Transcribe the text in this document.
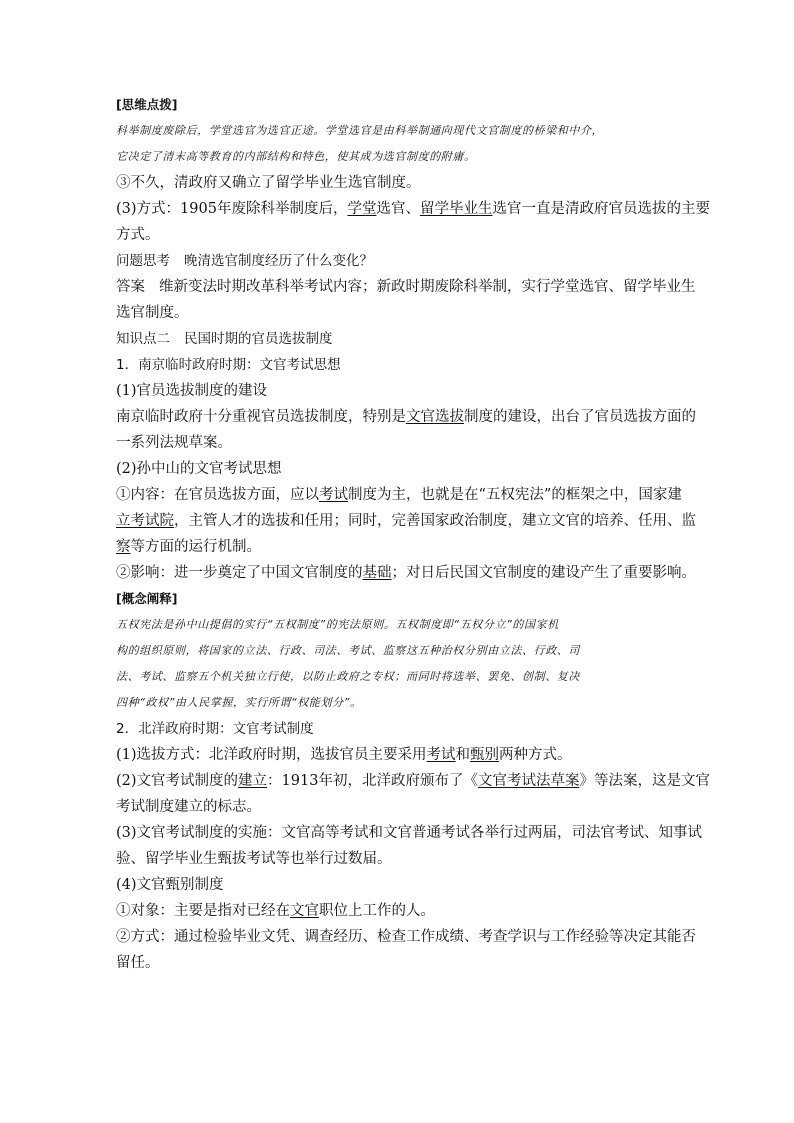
[思维点拨]
科举制度废除后，学堂选官为选官正途。学堂选官是由科举制通向现代文官制度的桥梁和中介，
它决定了清末高等教育的内部结构和特色，使其成为选官制度的附庸。
③不久，清政府又确立了留学毕业生选官制度。
(3)方式：1905年废除科举制度后，学堂选官、留学毕业生选官一直是清政府官员选拔的主要
方式。
问题思考 晚清选官制度经历了什么变化？
答案 维新变法时期改革科举考试内容；新政时期废除科举制，实行学堂选官、留学毕业生
选官制度。
知识点二 民国时期的官员选拔制度
1．南京临时政府时期：文官考试思想
(1)官员选拔制度的建设
南京临时政府十分重视官员选拔制度，特别是文官选拔制度的建设，出台了官员选拔方面的
一系列法规草案。
(2)孙中山的文官考试思想
①内容：在官员选拔方面，应以考试制度为主，也就是在“五权宪法”的框架之中，国家建
立考试院，主管人才的选拔和任用；同时，完善国家政治制度，建立文官的培养、任用、监
察等方面的运行机制。
②影响：进一步奠定了中国文官制度的基础；对日后民国文官制度的建设产生了重要影响。
[概念阐释]
五权宪法是孙中山提倡的实行“五权制度”的宪法原则。五权制度即“五权分立”的国家机
构的组织原则，将国家的立法、行政、司法、考试、监察这五种治权分别由立法、行政、司
法、考试、监察五个机关独立行使，以防止政府之专权；而同时将选举、罢免、创制、复决
四种“政权”由人民掌握，实行所谓“权能划分”。
2．北洋政府时期：文官考试制度
(1)选拔方式：北洋政府时期，选拔官员主要采用考试和甄别两种方式。
(2)文官考试制度的建立：1913年初，北洋政府颁布了《文官考试法草案》等法案，这是文官
考试制度建立的标志。
(3)文官考试制度的实施：文官高等考试和文官普通考试各举行过两届，司法官考试、知事试
验、留学毕业生甄拔考试等也举行过数届。
(4)文官甄别制度
①对象：主要是指对已经在文官职位上工作的人。
②方式：通过检验毕业文凭、调查经历、检查工作成绩、考查学识与工作经验等决定其能否
留任。
